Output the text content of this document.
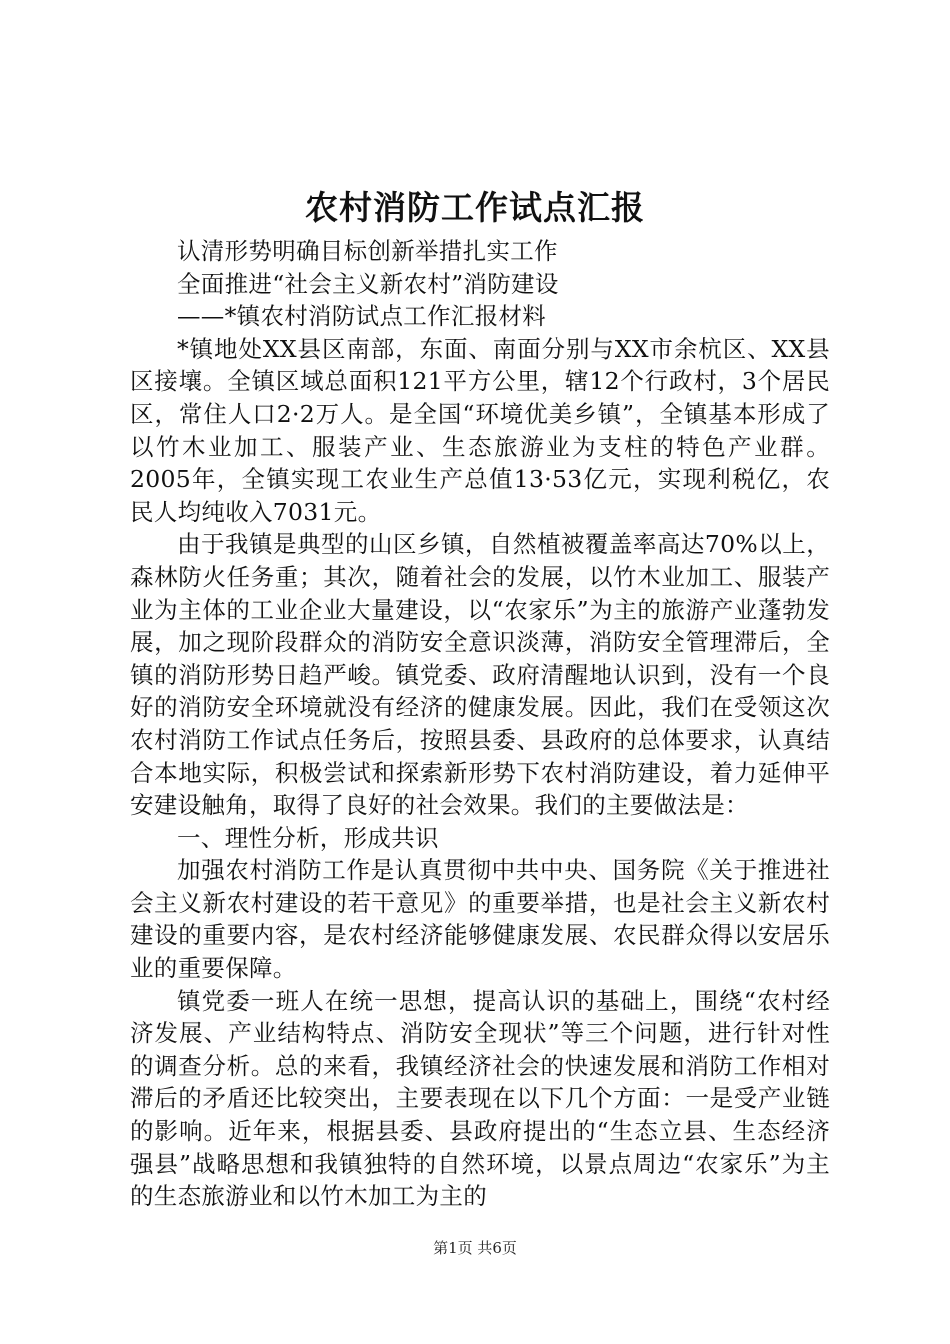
农村消防工作试点汇报

认清形势明确目标创新举措扎实工作

全面推进“社会主义新农村”消防建设

——*镇农村消防试点工作汇报材料

*镇地处XX县区南部，东面、南面分别与XX市余杭区、XX县区接壤。全镇区域总面积121平方公里，辖12个行政村，3个居民区，常住人口2·2万人。是全国“环境优美乡镇”，全镇基本形成了以竹木业加工、服装产业、生态旅游业为支柱的特色产业群。2005年，全镇实现工农业生产总值13·53亿元，实现利税亿，农民人均纯收入7031元。

由于我镇是典型的山区乡镇，自然植被覆盖率高达70%以上，森林防火任务重；其次，随着社会的发展，以竹木业加工、服装产业为主体的工业企业大量建设，以“农家乐”为主的旅游产业蓬勃发展，加之现阶段群众的消防安全意识淡薄，消防安全管理滞后，全镇的消防形势日趋严峻。镇党委、政府清醒地认识到，没有一个良好的消防安全环境就没有经济的健康发展。因此，我们在受领这次农村消防工作试点任务后，按照县委、县政府的总体要求，认真结合本地实际，积极尝试和探索新形势下农村消防建设，着力延伸平安建设触角，取得了良好的社会效果。我们的主要做法是：

一、理性分析，形成共识

加强农村消防工作是认真贯彻中共中央、国务院《关于推进社会主义新农村建设的若干意见》的重要举措，也是社会主义新农村建设的重要内容，是农村经济能够健康发展、农民群众得以安居乐业的重要保障。

镇党委一班人在统一思想，提高认识的基础上，围绕“农村经济发展、产业结构特点、消防安全现状”等三个问题，进行针对性的调查分析。总的来看，我镇经济社会的快速发展和消防工作相对滞后的矛盾还比较突出，主要表现在以下几个方面：一是受产业链的影响。近年来，根据县委、县政府提出的“生态立县、生态经济强县”战略思想和我镇独特的自然环境，以景点周边“农家乐”为主的生态旅游业和以竹木加工为主的

第1页 共6页
